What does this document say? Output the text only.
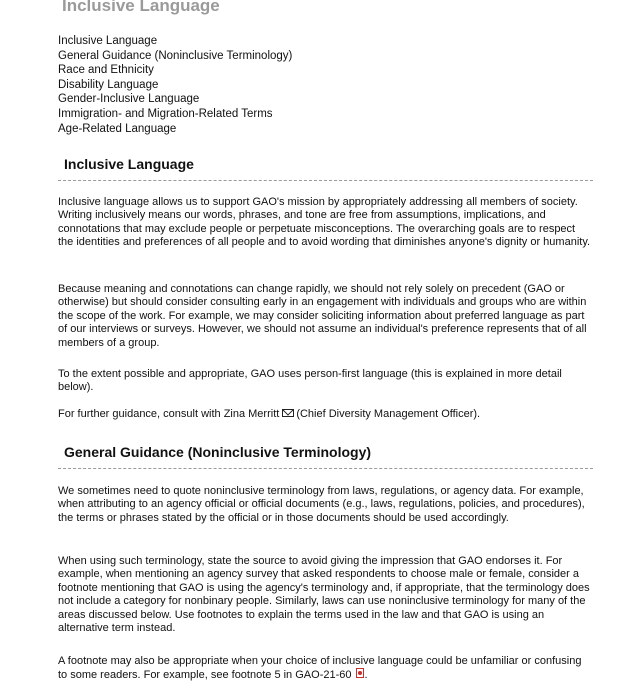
Inclusive Language
Inclusive Language
General Guidance (Noninclusive Terminology)
Race and Ethnicity
Disability Language
Gender-Inclusive Language
Immigration- and Migration-Related Terms
Age-Related Language
Inclusive Language

Inclusive language allows us to support GAO's mission by appropriately addressing all members of society. Writing inclusively means our words, phrases, and tone are free from assumptions, implications, and connotations that may exclude people or perpetuate misconceptions. The overarching goals are to respect the identities and preferences of all people and to avoid wording that diminishes anyone's dignity or humanity.

Because meaning and connotations can change rapidly, we should not rely solely on precedent (GAO or otherwise) but should consider consulting early in an engagement with individuals and groups who are within the scope of the work. For example, we may consider soliciting information about preferred language as part of our interviews or surveys. However, we should not assume an individual's preference represents that of all members of a group.

To the extent possible and appropriate, GAO uses person-first language (this is explained in more detail below).

For further guidance, consult with Zina Merritt (Chief Diversity Management Officer).

General Guidance (Noninclusive Terminology)

We sometimes need to quote noninclusive terminology from laws, regulations, or agency data. For example, when attributing to an agency official or official documents (e.g., laws, regulations, policies, and procedures), the terms or phrases stated by the official or in those documents should be used accordingly.

When using such terminology, state the source to avoid giving the impression that GAO endorses it. For example, when mentioning an agency survey that asked respondents to choose male or female, consider a footnote mentioning that GAO is using the agency's terminology and, if appropriate, that the terminology does not include a category for nonbinary people. Similarly, laws can use noninclusive terminology for many of the areas discussed below. Use footnotes to explain the terms used in the law and that GAO is using an alternative term instead.

A footnote may also be appropriate when your choice of inclusive language could be unfamiliar or confusing to some readers. For example, see footnote 5 in GAO-21-60 .
